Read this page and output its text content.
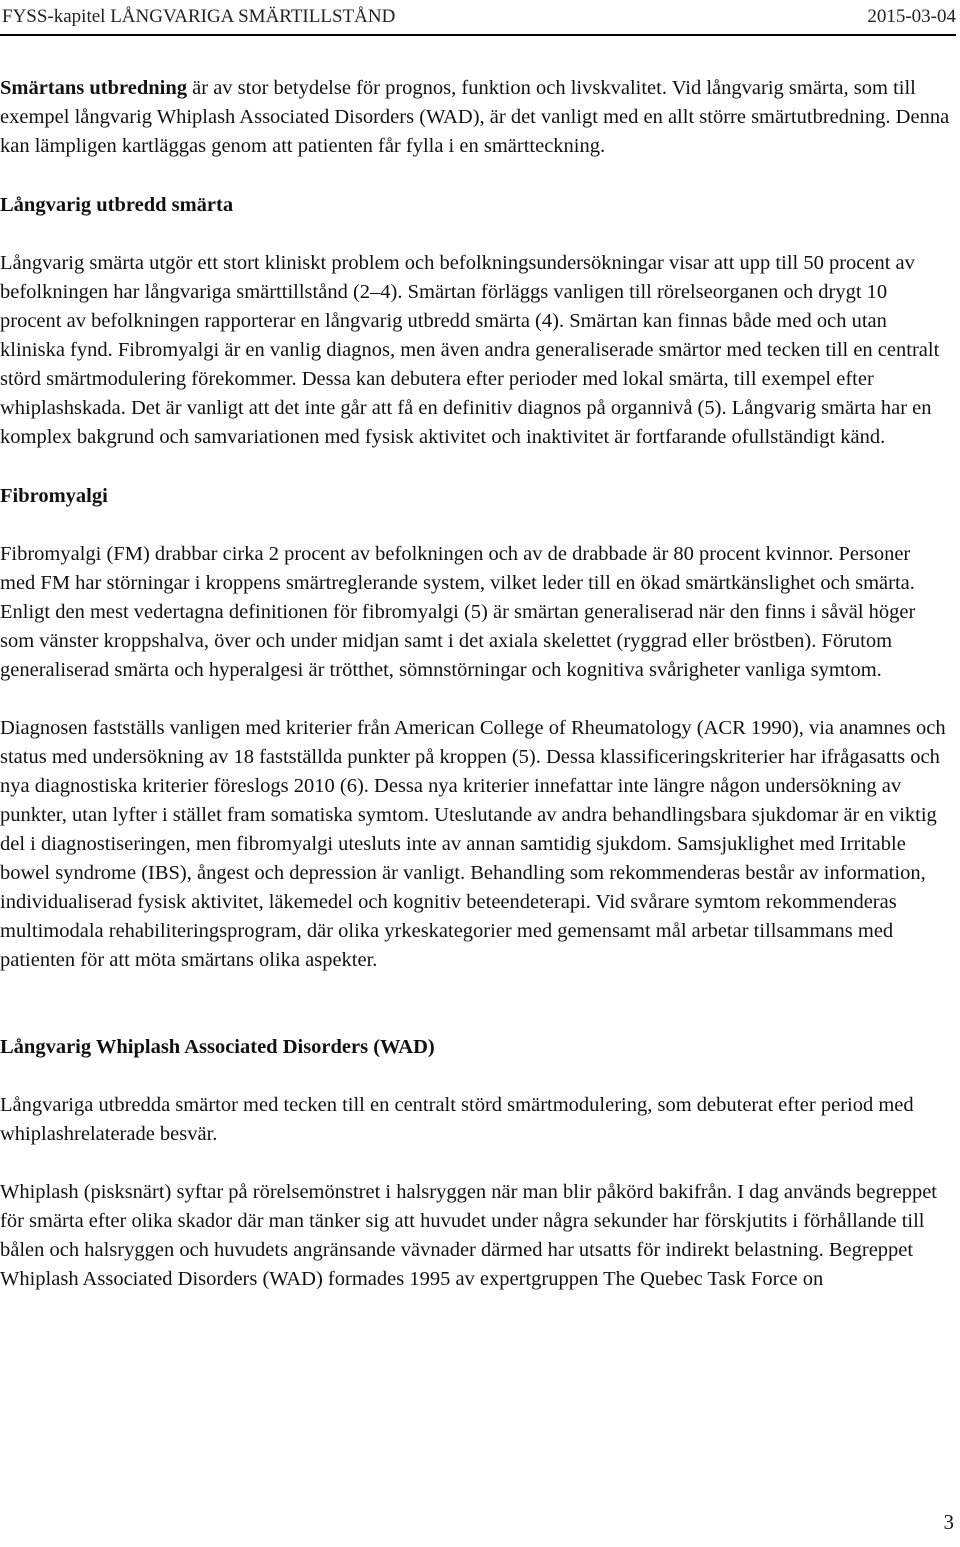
FYSS-kapitel LÅNGVARIGA SMÄRTILLSTÅND	2015-03-04

Smärtans utbredning är av stor betydelse för prognos, funktion och livskvalitet. Vid långvarig smärta, som till exempel långvarig Whiplash Associated Disorders (WAD), är det vanligt med en allt större smärtutbredning. Denna kan lämpligen kartläggas genom att patienten får fylla i en smärtteckning.

Långvarig utbredd smärta

Långvarig smärta utgör ett stort kliniskt problem och befolkningsundersökningar visar att upp till 50 procent av befolkningen har långvariga smärttillstånd (2–4). Smärtan förläggs vanligen till rörelseorganen och drygt 10 procent av befolkningen rapporterar en långvarig utbredd smärta (4). Smärtan kan finnas både med och utan kliniska fynd. Fibromyalgi är en vanlig diagnos, men även andra generaliserade smärtor med tecken till en centralt störd smärtmodulering förekommer. Dessa kan debutera efter perioder med lokal smärta, till exempel efter whiplashskada. Det är vanligt att det inte går att få en definitiv diagnos på organnivå (5). Långvarig smärta har en komplex bakgrund och samvariationen med fysisk aktivitet och inaktivitet är fortfarande ofullständigt känd.

Fibromyalgi

Fibromyalgi (FM) drabbar cirka 2 procent av befolkningen och av de drabbade är 80 procent kvinnor. Personer med FM har störningar i kroppens smärtreglerande system, vilket leder till en ökad smärtkänslighet och smärta. Enligt den mest vedertagna definitionen för fibromyalgi (5) är smärtan generaliserad när den finns i såväl höger som vänster kroppshalva, över och under midjan samt i det axiala skelettet (ryggrad eller bröstben). Förutom generaliserad smärta och hyperalgesi är trötthet, sömnstörningar och kognitiva svårigheter vanliga symtom.

Diagnosen fastställs vanligen med kriterier från American College of Rheumatology (ACR 1990), via anamnes och status med undersökning av 18 fastställda punkter på kroppen (5). Dessa klassificeringskriterier har ifrågasatts och nya diagnostiska kriterier föreslogs 2010 (6). Dessa nya kriterier innefattar inte längre någon undersökning av punkter, utan lyfter i stället fram somatiska symtom. Uteslutande av andra behandlingsbara sjukdomar är en viktig del i diagnostiseringen, men fibromyalgi utesluts inte av annan samtidig sjukdom. Samsjuklighet med Irritable bowel syndrome (IBS), ångest och depression är vanligt. Behandling som rekommenderas består av information, individualiserad fysisk aktivitet, läkemedel och kognitiv beteendeterapi. Vid svårare symtom rekommenderas multimodala rehabiliteringsprogram, där olika yrkeskategorier med gemensamt mål arbetar tillsammans med patienten för att möta smärtans olika aspekter.

Långvarig Whiplash Associated Disorders (WAD)

Långvariga utbredda smärtor med tecken till en centralt störd smärtmodulering, som debuterat efter period med whiplashrelaterade besvär.

Whiplash (pisksnärt) syftar på rörelsemönstret i halsryggen när man blir påkörd bakifrån. I dag används begreppet för smärta efter olika skador där man tänker sig att huvudet under några sekunder har förskjutits i förhållande till bålen och halsryggen och huvudets angränsande vävnader därmed har utsatts för indirekt belastning. Begreppet Whiplash Associated Disorders (WAD) formades 1995 av expertgruppen The Quebec Task Force on

3
